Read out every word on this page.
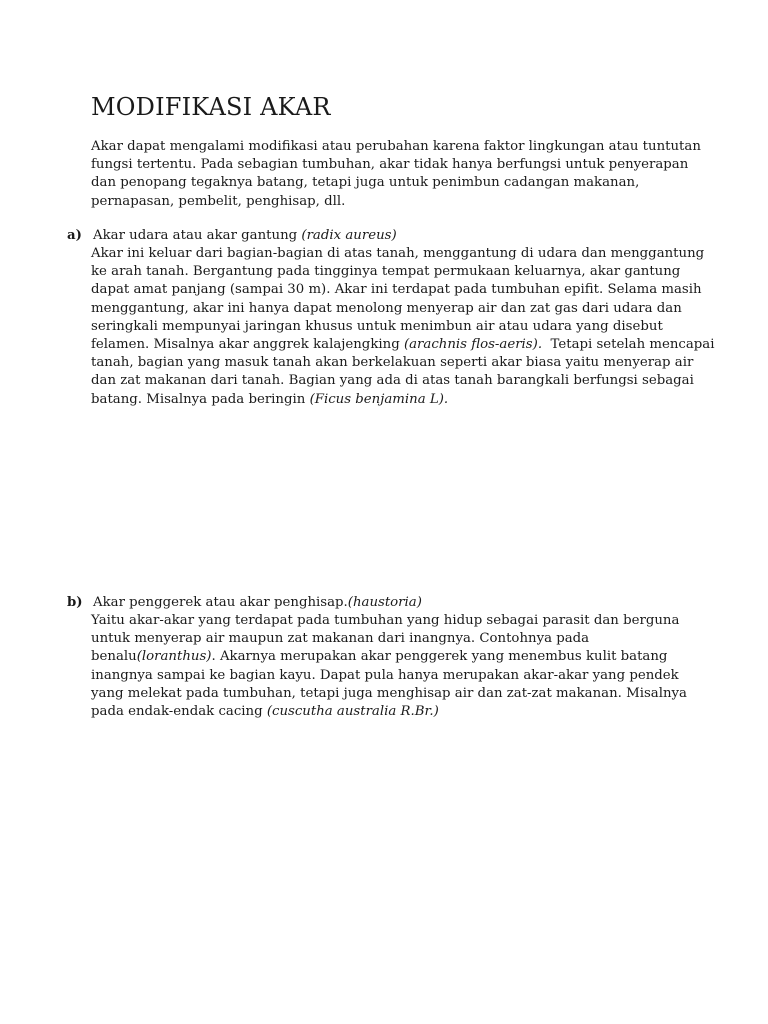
MODIFIKASI AKAR

Akar dapat mengalami modifikasi atau perubahan karena faktor lingkungan atau tuntutan
fungsi tertentu. Pada sebagian tumbuhan, akar tidak hanya berfungsi untuk penyerapan
dan penopang tegaknya batang, tetapi juga untuk penimbun cadangan makanan,
pernapasan, pembelit, penghisap, dll.

a) Akar udara atau akar gantung (radix aureus)

Akar ini keluar dari bagian-bagian di atas tanah, menggantung di udara dan menggantung
ke arah tanah. Bergantung pada tingginya tempat permukaan keluarnya, akar gantung
dapat amat panjang (sampai 30 m). Akar ini terdapat pada tumbuhan epifit. Selama masih
menggantung, akar ini hanya dapat menolong menyerap air dan zat gas dari udara dan
seringkali mempunyai jaringan khusus untuk menimbun air atau udara yang disebut
felamen. Misalnya akar anggrek kalajengking (arachnis flos-aeris).  Tetapi setelah mencapai
tanah, bagian yang masuk tanah akan berkelakuan seperti akar biasa yaitu menyerap air
dan zat makanan dari tanah. Bagian yang ada di atas tanah barangkali berfungsi sebagai
batang. Misalnya pada beringin (Ficus benjamina L).

b) Akar penggerek atau akar penghisap.(haustoria)

Yaitu akar-akar yang terdapat pada tumbuhan yang hidup sebagai parasit dan berguna
untuk menyerap air maupun zat makanan dari inangnya. Contohnya pada
benalu(loranthus). Akarnya merupakan akar penggerek yang menembus kulit batang
inangnya sampai ke bagian kayu. Dapat pula hanya merupakan akar-akar yang pendek
yang melekat pada tumbuhan, tetapi juga menghisap air dan zat-zat makanan. Misalnya
pada endak-endak cacing (cuscutha australia R.Br.)
